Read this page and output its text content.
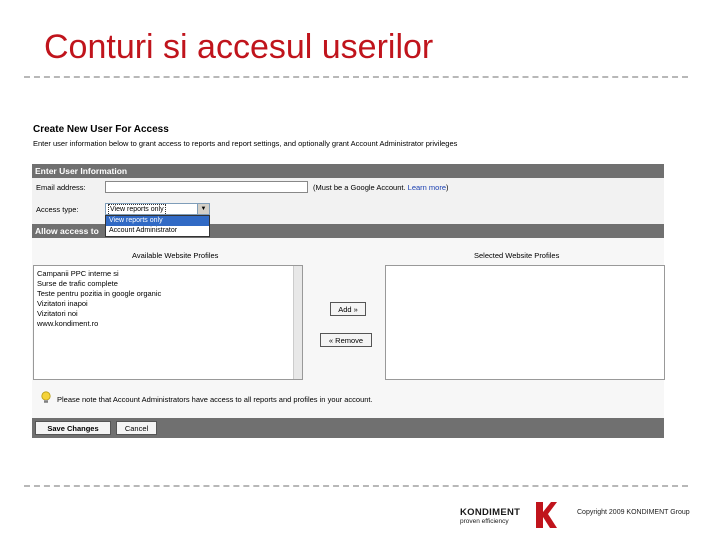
Conturi si accesul userilor
Create New User For Access
Enter user information below to grant access to reports and report settings, and optionally grant Account Administrator privileges
Enter User Information
Email address:	(Must be a Google Account. Learn more)
Access type:	View reports only	▼
Allow access to
View reports only
Account Administrator
Available Website Profiles	Selected Website Profiles
Campanii PPC interne si
Surse de trafic complete
Teste pentru pozitia in google organic
Vizitatori inapoi
Vizitatori noi
www.kondiment.ro
Add »
« Remove
Please note that Account Administrators have access to all reports and profiles in your account.
Save Changes	Cancel
KONDIMENT
proven efficiency
Copyright 2009 KONDIMENT Group
